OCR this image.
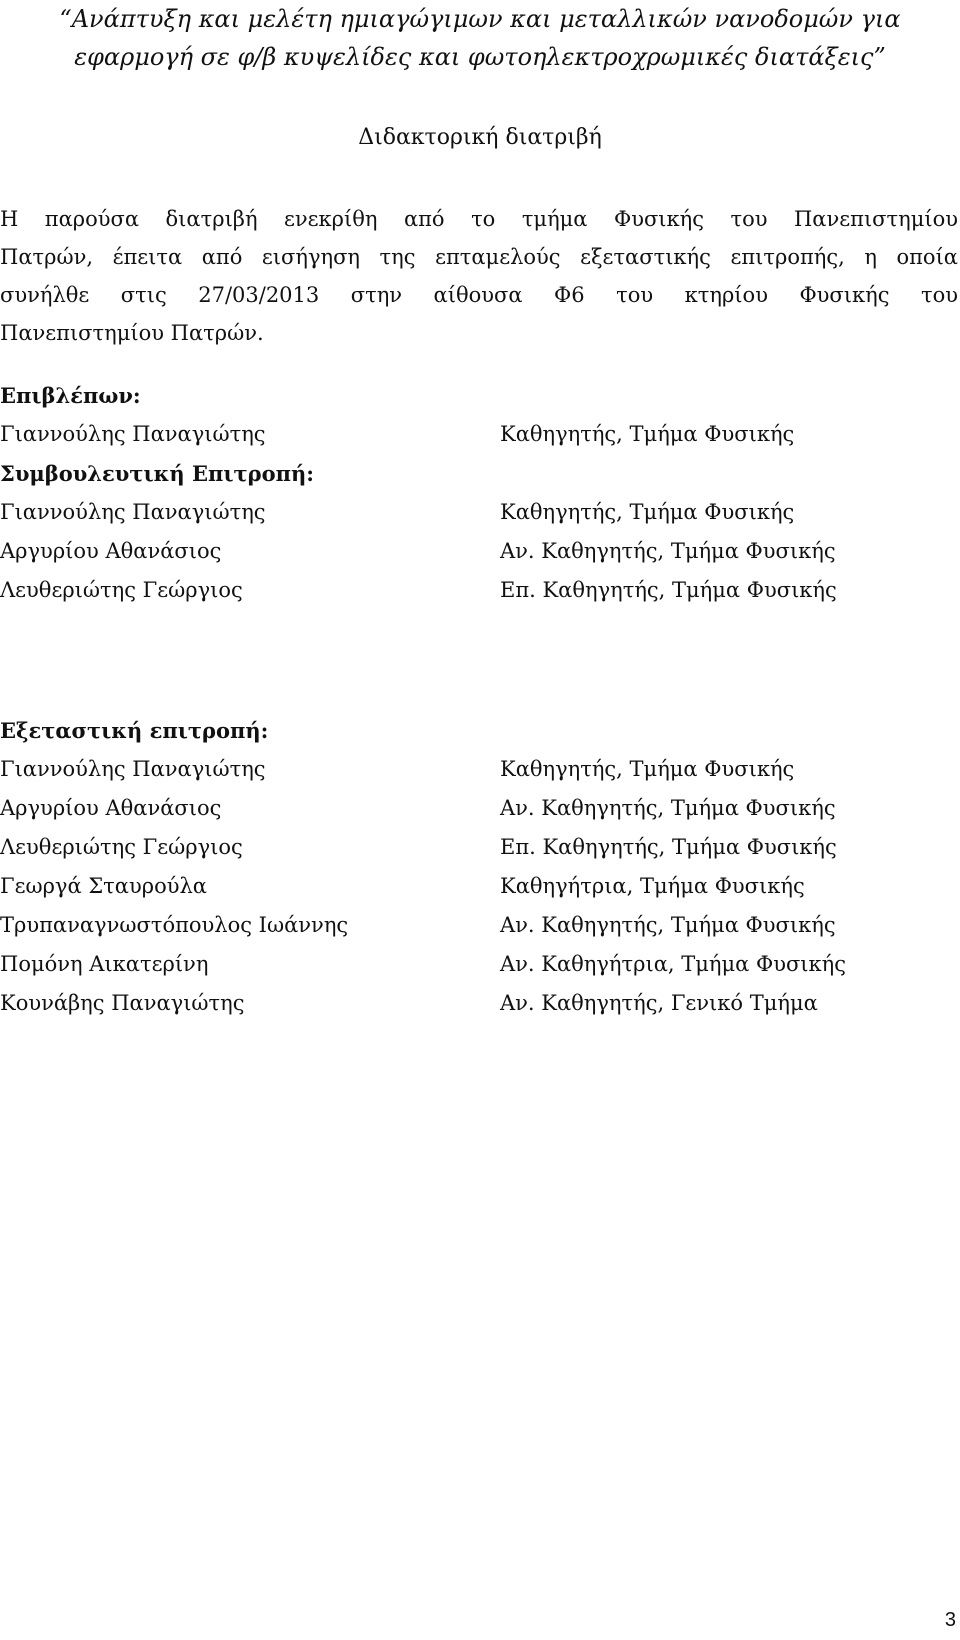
“Ανάπτυξη και μελέτη ημιαγώγιμων και μεταλλικών νανοδομών για
εφαρμογή σε φ/β κυψελίδες και φωτοηλεκτροχρωμικές διατάξεις”
Διδακτορική διατριβή
Η παρούσα διατριβή ενεκρίθη από το τμήμα Φυσικής του Πανεπιστημίου
Πατρών, έπειτα από εισήγηση της επταμελούς εξεταστικής επιτροπής, η οποία
συνήλθε στις 27/03/2013 στην αίθουσα Φ6 του κτηρίου Φυσικής του
Πανεπιστημίου Πατρών.
Επιβλέπων:
Γιαννούλης Παναγιώτης	Καθηγητής, Τμήμα Φυσικής
Συμβουλευτική Επιτροπή:
Γιαννούλης Παναγιώτης	Καθηγητής, Τμήμα Φυσικής
Αργυρίου Αθανάσιος	Αν. Καθηγητής, Τμήμα Φυσικής
Λευθεριώτης Γεώργιος	Επ. Καθηγητής, Τμήμα Φυσικής
Εξεταστική επιτροπή:
Γιαννούλης Παναγιώτης	Καθηγητής, Τμήμα Φυσικής
Αργυρίου Αθανάσιος	Αν. Καθηγητής, Τμήμα Φυσικής
Λευθεριώτης Γεώργιος	Επ. Καθηγητής, Τμήμα Φυσικής
Γεωργά Σταυρούλα	Καθηγήτρια, Τμήμα Φυσικής
Τρυπαναγνωστόπουλος Ιωάννης	Αν. Καθηγητής, Τμήμα Φυσικής
Πομόνη Αικατερίνη	Αν. Καθηγήτρια, Τμήμα Φυσικής
Κουνάβης Παναγιώτης	Αν. Καθηγητής, Γενικό Τμήμα
3
